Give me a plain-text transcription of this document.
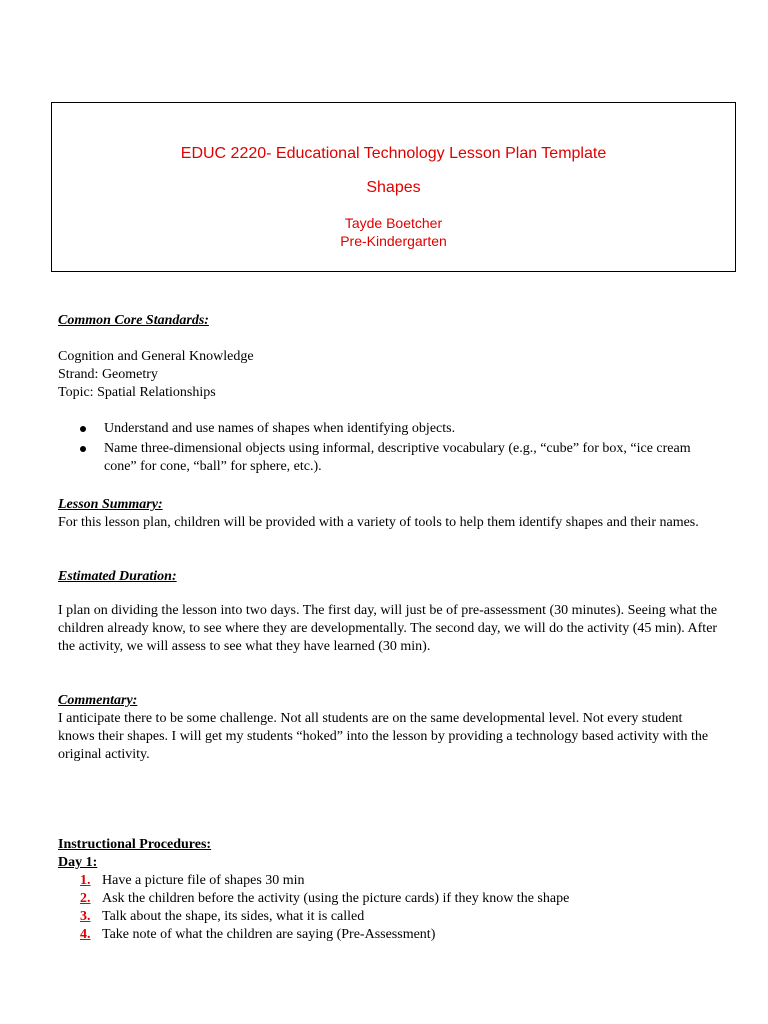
EDUC 2220- Educational Technology Lesson Plan Template
Shapes
Tayde Boetcher
Pre-Kindergarten

Common Core Standards:

Cognition and General Knowledge

Strand: Geometry

Topic: Spatial Relationships

Understand and use names of shapes when identifying objects.
Name three-dimensional objects using informal, descriptive vocabulary (e.g., “cube” for box, “ice cream cone” for cone, “ball” for sphere, etc.).

Lesson Summary:

For this lesson plan, children will be provided with a variety of tools to help them identify shapes and their names.

Estimated Duration:

I plan on dividing the lesson into two days. The first day, will just be of pre-assessment (30 minutes). Seeing what the children already know, to see where they are developmentally. The second day, we will do the activity (45 min). After the activity, we will assess to see what they have learned (30 min).

Commentary:

I anticipate there to be some challenge. Not all students are on the same developmental level. Not every student knows their shapes. I will get my students “hoked” into the lesson by providing a technology based activity with the original activity.

Instructional Procedures:

Day 1:

1. Have a picture file of shapes 30 min
2. Ask the children before the activity (using the picture cards) if they know the shape
3. Talk about the shape, its sides, what it is called
4. Take note of what the children are saying (Pre-Assessment)
